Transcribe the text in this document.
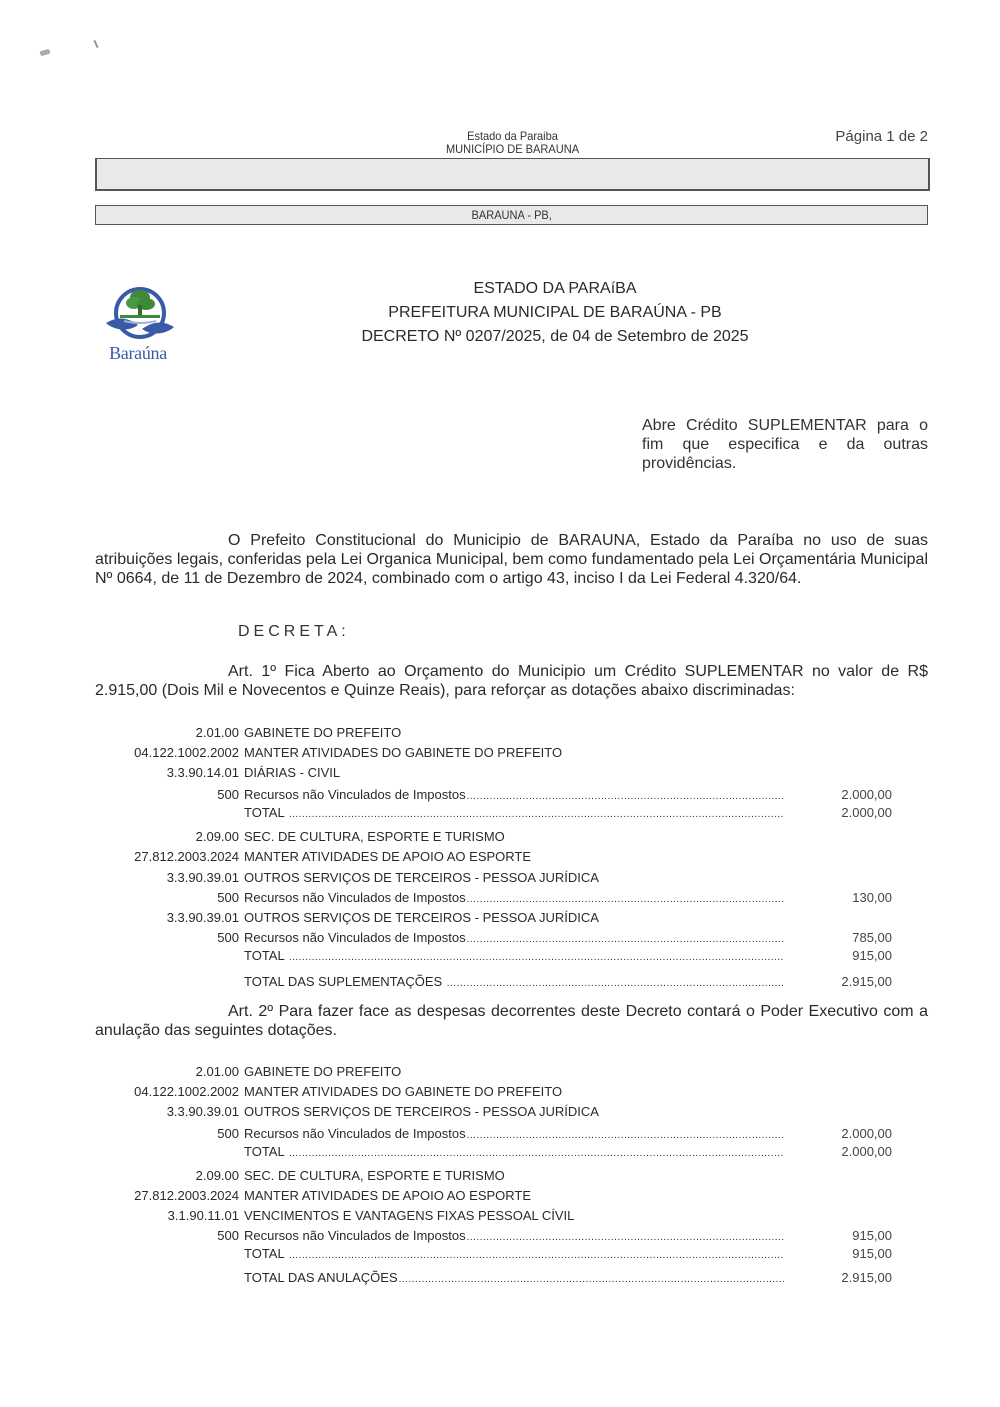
Estado da Paraiba
MUNICÍPIO DE BARAUNA
Página 1 de 2
BARAUNA - PB,
Baraúna
ESTADO DA PARAíBA
PREFEITURA MUNICIPAL DE BARAÚNA - PB
DECRETO Nº 0207/2025, de 04 de Setembro de 2025
Abre Crédito SUPLEMENTAR para o fim que especifica e da outras providências.
O Prefeito Constitucional do Municipio de BARAUNA, Estado da Paraíba no uso de suas atribuições legais, conferidas pela Lei Organica Municipal, bem como fundamentado pela Lei Orçamentária Municipal Nº 0664, de 11 de Dezembro de 2024, combinado com o artigo 43, inciso I da Lei Federal 4.320/64.
DECRETA:
Art. 1º Fica Aberto ao Orçamento do Municipio um Crédito SUPLEMENTAR no valor de R$ 2.915,00 (Dois Mil e Novecentos e Quinze Reais), para reforçar as dotações abaixo discriminadas:
2.01.00 GABINETE DO PREFEITO
04.122.1002.2002 MANTER ATIVIDADES DO GABINETE DO PREFEITO
3.3.90.14.01 DIÁRIAS - CIVIL
500 Recursos não Vinculados de Impostos .....	2.000,00
TOTAL .....	2.000,00
2.09.00 SEC. DE CULTURA, ESPORTE E TURISMO
27.812.2003.2024 MANTER ATIVIDADES DE APOIO AO ESPORTE
3.3.90.39.01 OUTROS SERVIÇOS DE TERCEIROS - PESSOA JURÍDICA
500 Recursos não Vinculados de Impostos .....	130,00
3.3.90.39.01 OUTROS SERVIÇOS DE TERCEIROS - PESSOA JURÍDICA
500 Recursos não Vinculados de Impostos .....	785,00
TOTAL .....	915,00
TOTAL DAS SUPLEMENTAÇÕES .....	2.915,00
Art. 2º Para fazer face as despesas decorrentes deste Decreto contará o Poder Executivo com a anulação das seguintes dotações.
2.01.00 GABINETE DO PREFEITO
04.122.1002.2002 MANTER ATIVIDADES DO GABINETE DO PREFEITO
3.3.90.39.01 OUTROS SERVIÇOS DE TERCEIROS - PESSOA JURÍDICA
500 Recursos não Vinculados de Impostos .....	2.000,00
TOTAL .....	2.000,00
2.09.00 SEC. DE CULTURA, ESPORTE E TURISMO
27.812.2003.2024 MANTER ATIVIDADES DE APOIO AO ESPORTE
3.1.90.11.01 VENCIMENTOS E VANTAGENS FIXAS PESSOAL CÍVIL
500 Recursos não Vinculados de Impostos .....	915,00
TOTAL .....	915,00
TOTAL DAS ANULAÇÕES .....	2.915,00
